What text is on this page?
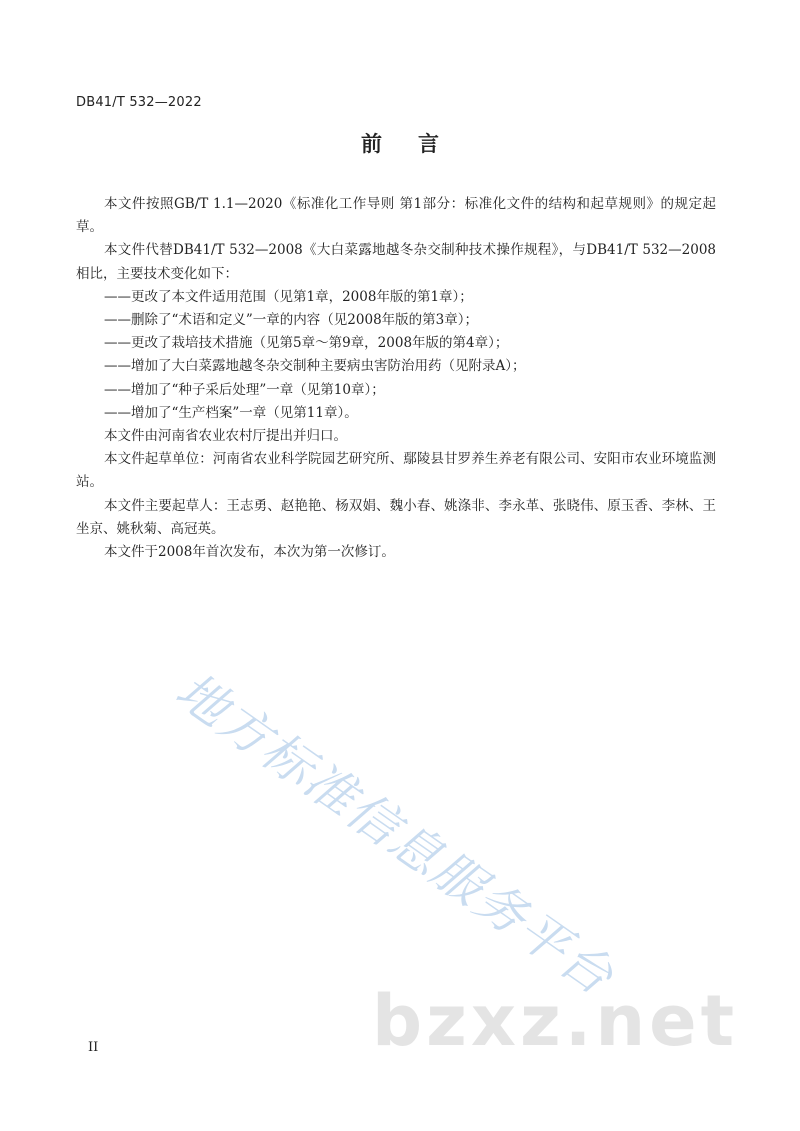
DB41/T 532—2022
前言

本文件按照GB/T 1.1—2020《标准化工作导则 第1部分：标准化文件的结构和起草规则》的规定起草。

本文件代替DB41/T 532—2008《大白菜露地越冬杂交制种技术操作规程》，与DB41/T 532—2008相比，主要技术变化如下：

——更改了本文件适用范围（见第1章，2008年版的第1章）；

——删除了“术语和定义”一章的内容（见2008年版的第3章）；

——更改了栽培技术措施（见第5章～第9章，2008年版的第4章）；

——增加了大白菜露地越冬杂交制种主要病虫害防治用药（见附录A）；

——增加了“种子采后处理”一章（见第10章）；

——增加了“生产档案”一章（见第11章）。

本文件由河南省农业农村厅提出并归口。

本文件起草单位：河南省农业科学院园艺研究所、鄢陵县甘罗养生养老有限公司、安阳市农业环境监测站。

本文件主要起草人：王志勇、赵艳艳、杨双娟、魏小春、姚涤非、李永革、张晓伟、原玉香、李林、王坐京、姚秋菊、高冠英。

本文件于2008年首次发布，本次为第一次修订。

地方标准信息服务平台
bzxz.net
II
